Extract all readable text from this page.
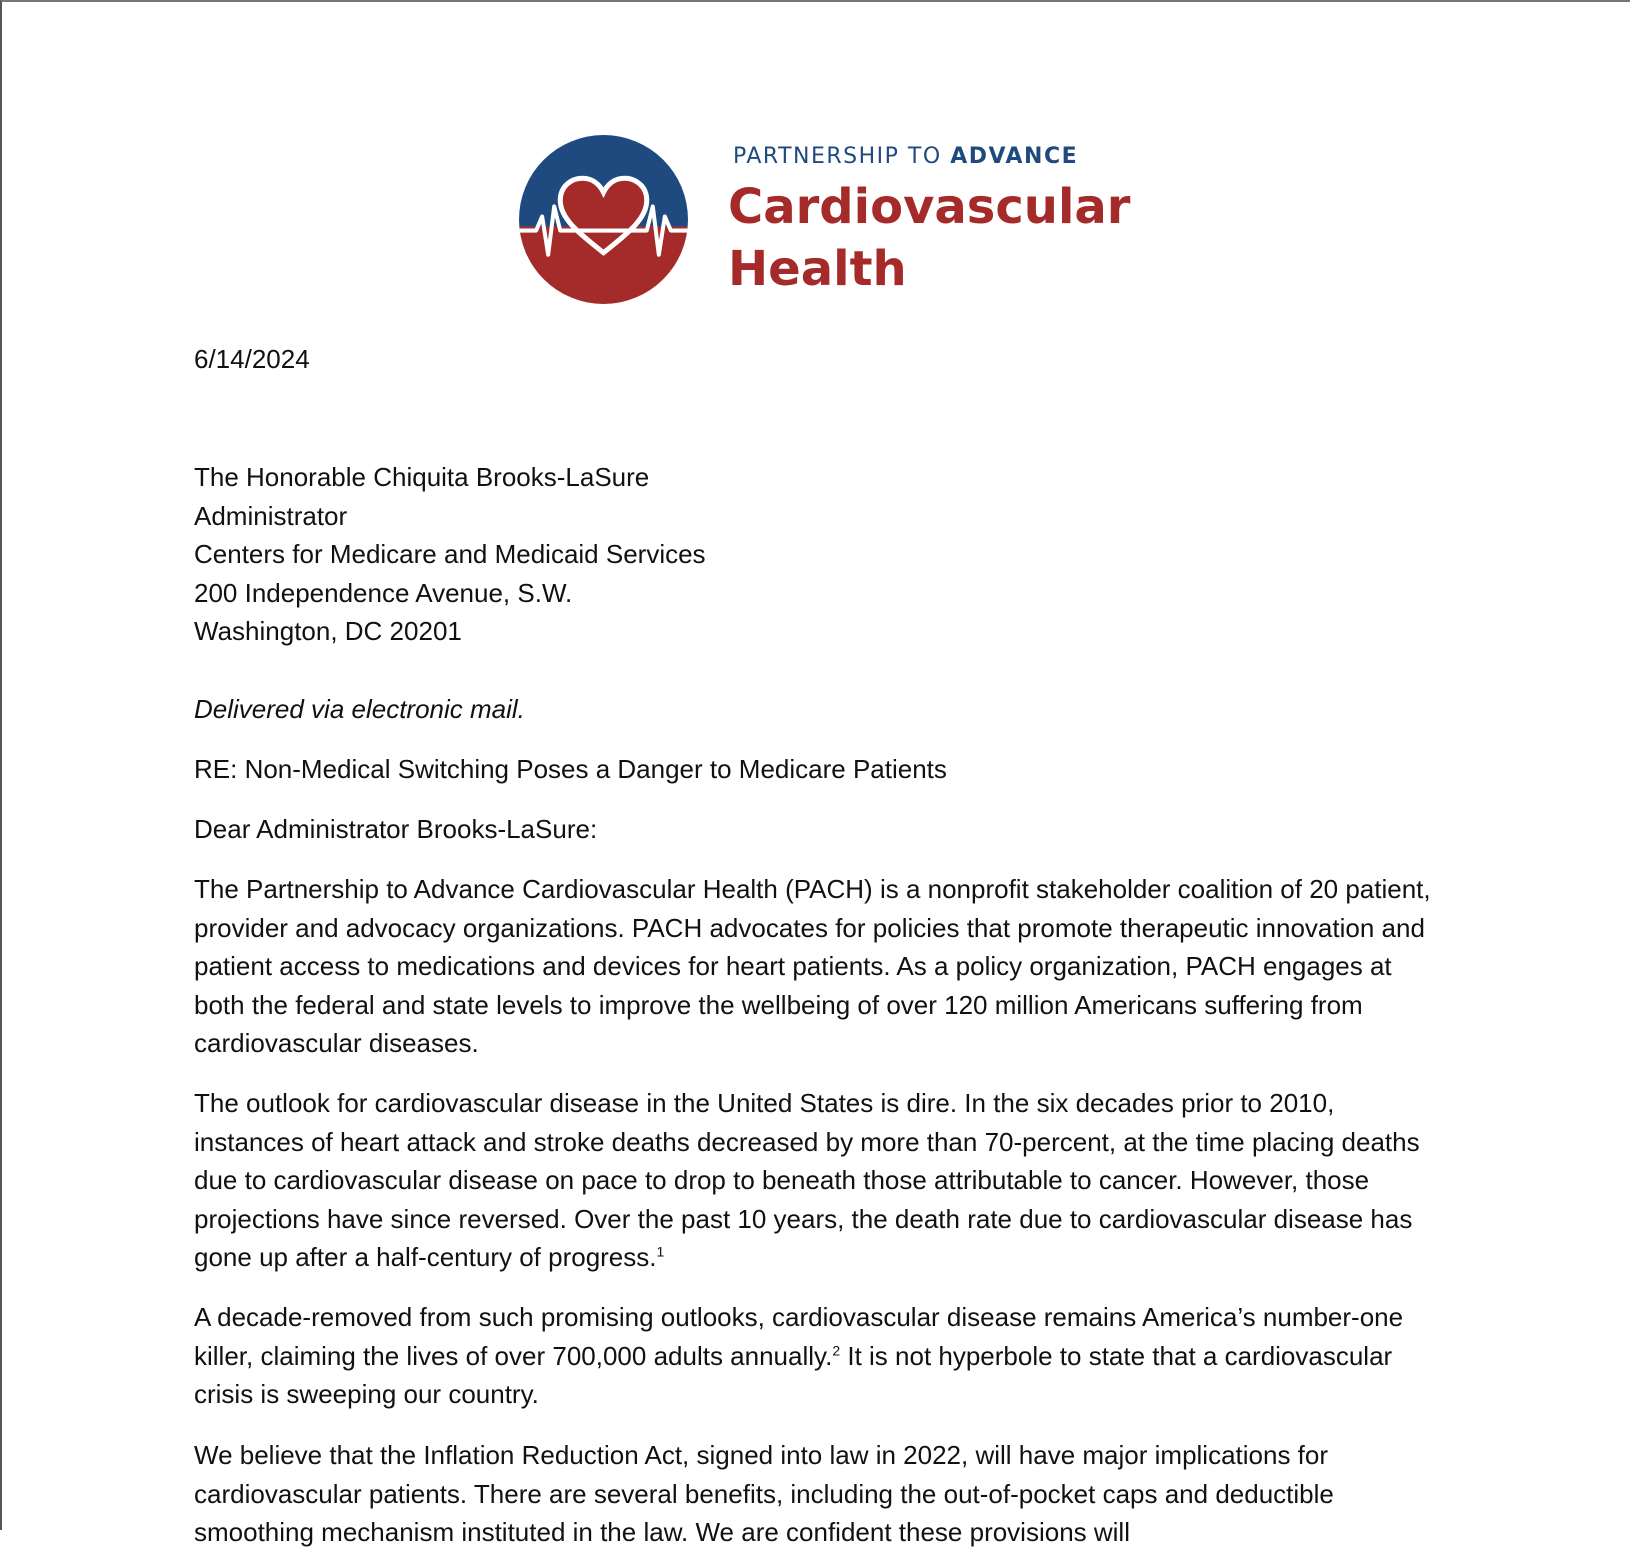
PARTNERSHIP TO ADVANCE
Cardiovascular
Health
6/14/2024
The Honorable Chiquita Brooks-LaSure
Administrator
Centers for Medicare and Medicaid Services
200 Independence Avenue, S.W.
Washington, DC 20201
Delivered via electronic mail.
RE: Non-Medical Switching Poses a Danger to Medicare Patients
Dear Administrator Brooks-LaSure:
The Partnership to Advance Cardiovascular Health (PACH) is a nonprofit stakeholder coalition of 20 patient, provider and advocacy organizations. PACH advocates for policies that promote therapeutic innovation and patient access to medications and devices for heart patients. As a policy organization, PACH engages at both the federal and state levels to improve the wellbeing of over 120 million Americans suffering from cardiovascular diseases.
The outlook for cardiovascular disease in the United States is dire. In the six decades prior to 2010, instances of heart attack and stroke deaths decreased by more than 70-percent, at the time placing deaths due to cardiovascular disease on pace to drop to beneath those attributable to cancer. However, those projections have since reversed. Over the past 10 years, the death rate due to cardiovascular disease has gone up after a half-century of progress.$^1$
A decade-removed from such promising outlooks, cardiovascular disease remains America’s number-one killer, claiming the lives of over 700,000 adults annually.$^2$ It is not hyperbole to state that a cardiovascular crisis is sweeping our country.
We believe that the Inflation Reduction Act, signed into law in 2022, will have major implications for cardiovascular patients. There are several benefits, including the out-of-pocket caps and deductible smoothing mechanism instituted in the law. We are confident these provisions will
